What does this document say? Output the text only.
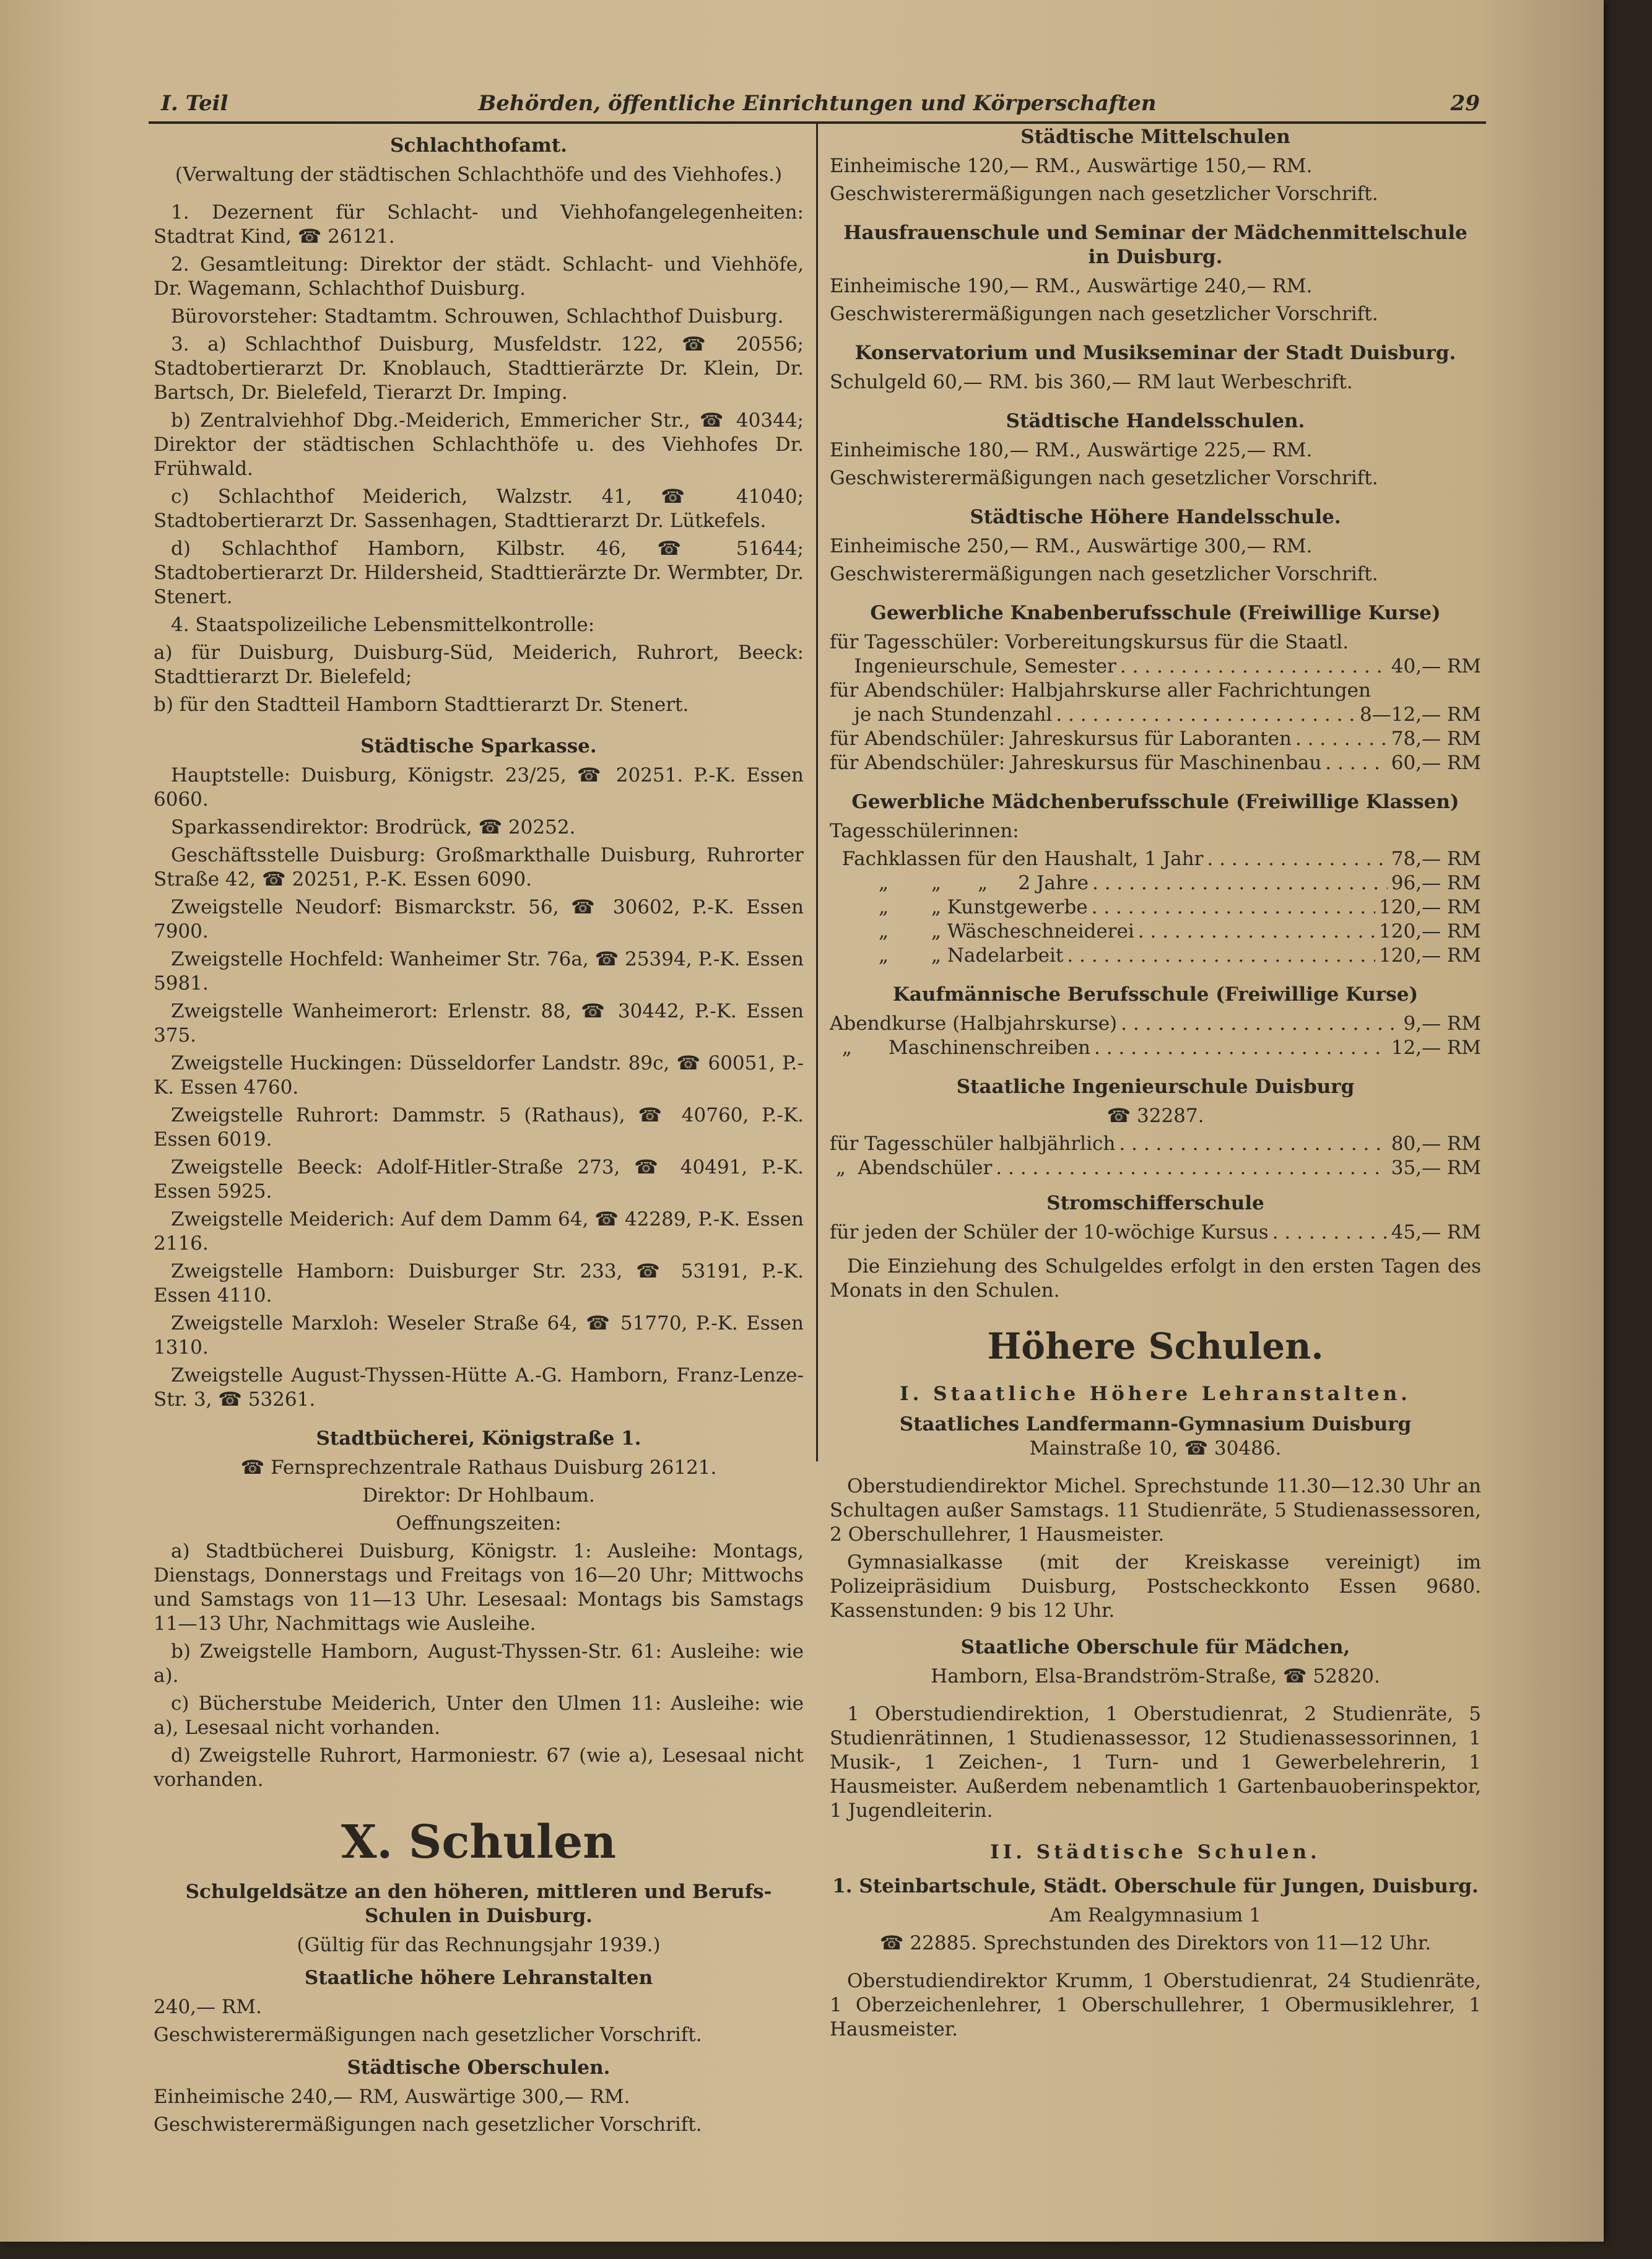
I. Teil	Behörden, öffentliche Einrichtungen und Körperschaften	29
Schlachthofamt.

(Verwaltung der städtischen Schlachthöfe und des Viehhofes.)

1. Dezernent für Schlacht- und Viehhofangelegenheiten: Stadtrat Kind, ☎ 26121.

2. Gesamtleitung: Direktor der städt. Schlacht- und Viehhöfe, Dr. Wagemann, Schlachthof Duisburg.

Bürovorsteher: Stadtamtm. Schrouwen, Schlachthof Duisburg.

3. a) Schlachthof Duisburg, Musfeldstr. 122, ☎ 20556; Stadtobertierarzt Dr. Knoblauch, Stadttierärzte Dr. Klein, Dr. Bartsch, Dr. Bielefeld, Tierarzt Dr. Imping.

b) Zentralviehhof Dbg.-Meiderich, Emmericher Str., ☎ 40344; Direktor der städtischen Schlachthöfe u. des Viehhofes Dr. Frühwald.

c) Schlachthof Meiderich, Walzstr. 41, ☎ 41040; Stadtobertierarzt Dr. Sassenhagen, Stadttierarzt Dr. Lütkefels.

d) Schlachthof Hamborn, Kilbstr. 46, ☎ 51644; Stadtobertierarzt Dr. Hildersheid, Stadttierärzte Dr. Wermbter, Dr. Stenert.

4. Staatspolizeiliche Lebensmittelkontrolle:

a) für Duisburg, Duisburg-Süd, Meiderich, Ruhrort, Beeck: Stadttierarzt Dr. Bielefeld;

b) für den Stadtteil Hamborn Stadttierarzt Dr. Stenert.

Städtische Sparkasse.

Hauptstelle: Duisburg, Königstr. 23/25, ☎ 20251. P.-K. Essen 6060.

Sparkassendirektor: Brodrück, ☎ 20252.

Geschäftsstelle Duisburg: Großmarkthalle Duisburg, Ruhrorter Straße 42, ☎ 20251, P.-K. Essen 6090.

Zweigstelle Neudorf: Bismarckstr. 56, ☎ 30602, P.-K. Essen 7900.

Zweigstelle Hochfeld: Wanheimer Str. 76a, ☎ 25394, P.-K. Essen 5981.

Zweigstelle Wanheimerort: Erlenstr. 88, ☎ 30442, P.-K. Essen 375.

Zweigstelle Huckingen: Düsseldorfer Landstr. 89c, ☎ 60051, P.-K. Essen 4760.

Zweigstelle Ruhrort: Dammstr. 5 (Rathaus), ☎ 40760, P.-K. Essen 6019.

Zweigstelle Beeck: Adolf-Hitler-Straße 273, ☎ 40491, P.-K. Essen 5925.

Zweigstelle Meiderich: Auf dem Damm 64, ☎ 42289, P.-K. Essen 2116.

Zweigstelle Hamborn: Duisburger Str. 233, ☎ 53191, P.-K. Essen 4110.

Zweigstelle Marxloh: Weseler Straße 64, ☎ 51770, P.-K. Essen 1310.

Zweigstelle August-Thyssen-Hütte A.-G. Hamborn, Franz-Lenze-Str. 3, ☎ 53261.

Stadtbücherei, Königstraße 1.

☎ Fernsprechzentrale Rathaus Duisburg 26121.

Direktor: Dr Hohlbaum.

Oeffnungszeiten:

a) Stadtbücherei Duisburg, Königstr. 1: Ausleihe: Montags, Dienstags, Donnerstags und Freitags von 16—20 Uhr; Mittwochs und Samstags von 11—13 Uhr. Lesesaal: Montags bis Samstags 11—13 Uhr, Nachmittags wie Ausleihe.

b) Zweigstelle Hamborn, August-Thyssen-Str. 61: Ausleihe: wie a).

c) Bücherstube Meiderich, Unter den Ulmen 11: Ausleihe: wie a), Lesesaal nicht vorhanden.

d) Zweigstelle Ruhrort, Harmoniestr. 67 (wie a), Lesesaal nicht vorhanden.

X. Schulen
Schulgeldsätze an den höheren, mittleren und Berufs-Schulen in Duisburg.

(Gültig für das Rechnungsjahr 1939.)

Staatliche höhere Lehranstalten

240,— RM.

Geschwisterermäßigungen nach gesetzlicher Vorschrift.

Städtische Oberschulen.

Einheimische 240,— RM, Auswärtige 300,— RM.

Geschwisterermäßigungen nach gesetzlicher Vorschrift.

Städtische Mittelschulen

Einheimische 120,— RM., Auswärtige 150,— RM.

Geschwisterermäßigungen nach gesetzlicher Vorschrift.

Hausfrauenschule und Seminar der Mädchenmittelschule in Duisburg.

Einheimische 190,— RM., Auswärtige 240,— RM.

Geschwisterermäßigungen nach gesetzlicher Vorschrift.

Konservatorium und Musikseminar der Stadt Duisburg.

Schulgeld 60,— RM. bis 360,— RM laut Werbeschrift.

Städtische Handelsschulen.

Einheimische 180,— RM., Auswärtige 225,— RM.

Geschwisterermäßigungen nach gesetzlicher Vorschrift.

Städtische Höhere Handelsschule.

Einheimische 250,— RM., Auswärtige 300,— RM.

Geschwisterermäßigungen nach gesetzlicher Vorschrift.

Gewerbliche Knabenberufsschule (Freiwillige Kurse)
für Tagesschüler: Vorbereitungskursus für die Staatl.
Ingenieurschule, Semester . . .	40,— RM
für Abendschüler: Halbjahrskurse aller Fachrichtungen
je nach Stundenzahl . . .	8—12,— RM
für Abendschüler: Jahreskursus für Laboranten . . .	78,— RM
für Abendschüler: Jahreskursus für Maschinenbau . . .	60,— RM
Gewerbliche Mädchenberufsschule (Freiwillige Klassen)

Tagesschülerinnen:

Fachklassen für den Haushalt, 1 Jahr . . .	78,— RM
„       „      „     2 Jahre . . .	96,— RM
„       „ Kunstgewerbe . . .	120,— RM
„       „ Wäscheschneiderei . . .	120,— RM
„       „ Nadelarbeit . . .	120,— RM
Kaufmännische Berufsschule (Freiwillige Kurse)
Abendkurse (Halbjahrskurse) . . .	9,— RM
„      Maschinenschreiben . . .	12,— RM
Staatliche Ingenieurschule Duisburg

☎ 32287.

für Tagesschüler halbjährlich . . .	80,— RM
„  Abendschüler . . .	35,— RM
Stromschifferschule
für jeden der Schüler der 10-wöchige Kursus . . .	45,— RM

Die Einziehung des Schulgeldes erfolgt in den ersten Tagen des Monats in den Schulen.

Höhere Schulen.
I. Staatliche Höhere Lehranstalten.
Staatliches Landfermann-Gymnasium Duisburg

Mainstraße 10, ☎ 30486.

Oberstudiendirektor Michel. Sprechstunde 11.30—12.30 Uhr an Schultagen außer Samstags. 11 Studienräte, 5 Studienassessoren, 2 Oberschullehrer, 1 Hausmeister.

Gymnasialkasse (mit der Kreiskasse vereinigt) im Polizeipräsidium Duisburg, Postscheckkonto Essen 9680. Kassenstunden: 9 bis 12 Uhr.

Staatliche Oberschule für Mädchen,

Hamborn, Elsa-Brandström-Straße, ☎ 52820.

1 Oberstudiendirektion, 1 Oberstudienrat, 2 Studienräte, 5 Studienrätinnen, 1 Studienassessor, 12 Studienassessorinnen, 1 Musik-, 1 Zeichen-, 1 Turn- und 1 Gewerbelehrerin, 1 Hausmeister. Außerdem nebenamtlich 1 Gartenbauoberinspektor, 1 Jugendleiterin.

II. Städtische Schulen.
1. Steinbartschule, Städt. Oberschule für Jungen, Duisburg.

Am Realgymnasium 1

☎ 22885. Sprechstunden des Direktors von 11—12 Uhr.

Oberstudiendirektor Krumm, 1 Oberstudienrat, 24 Studienräte, 1 Oberzeichenlehrer, 1 Oberschullehrer, 1 Obermusiklehrer, 1 Hausmeister.
